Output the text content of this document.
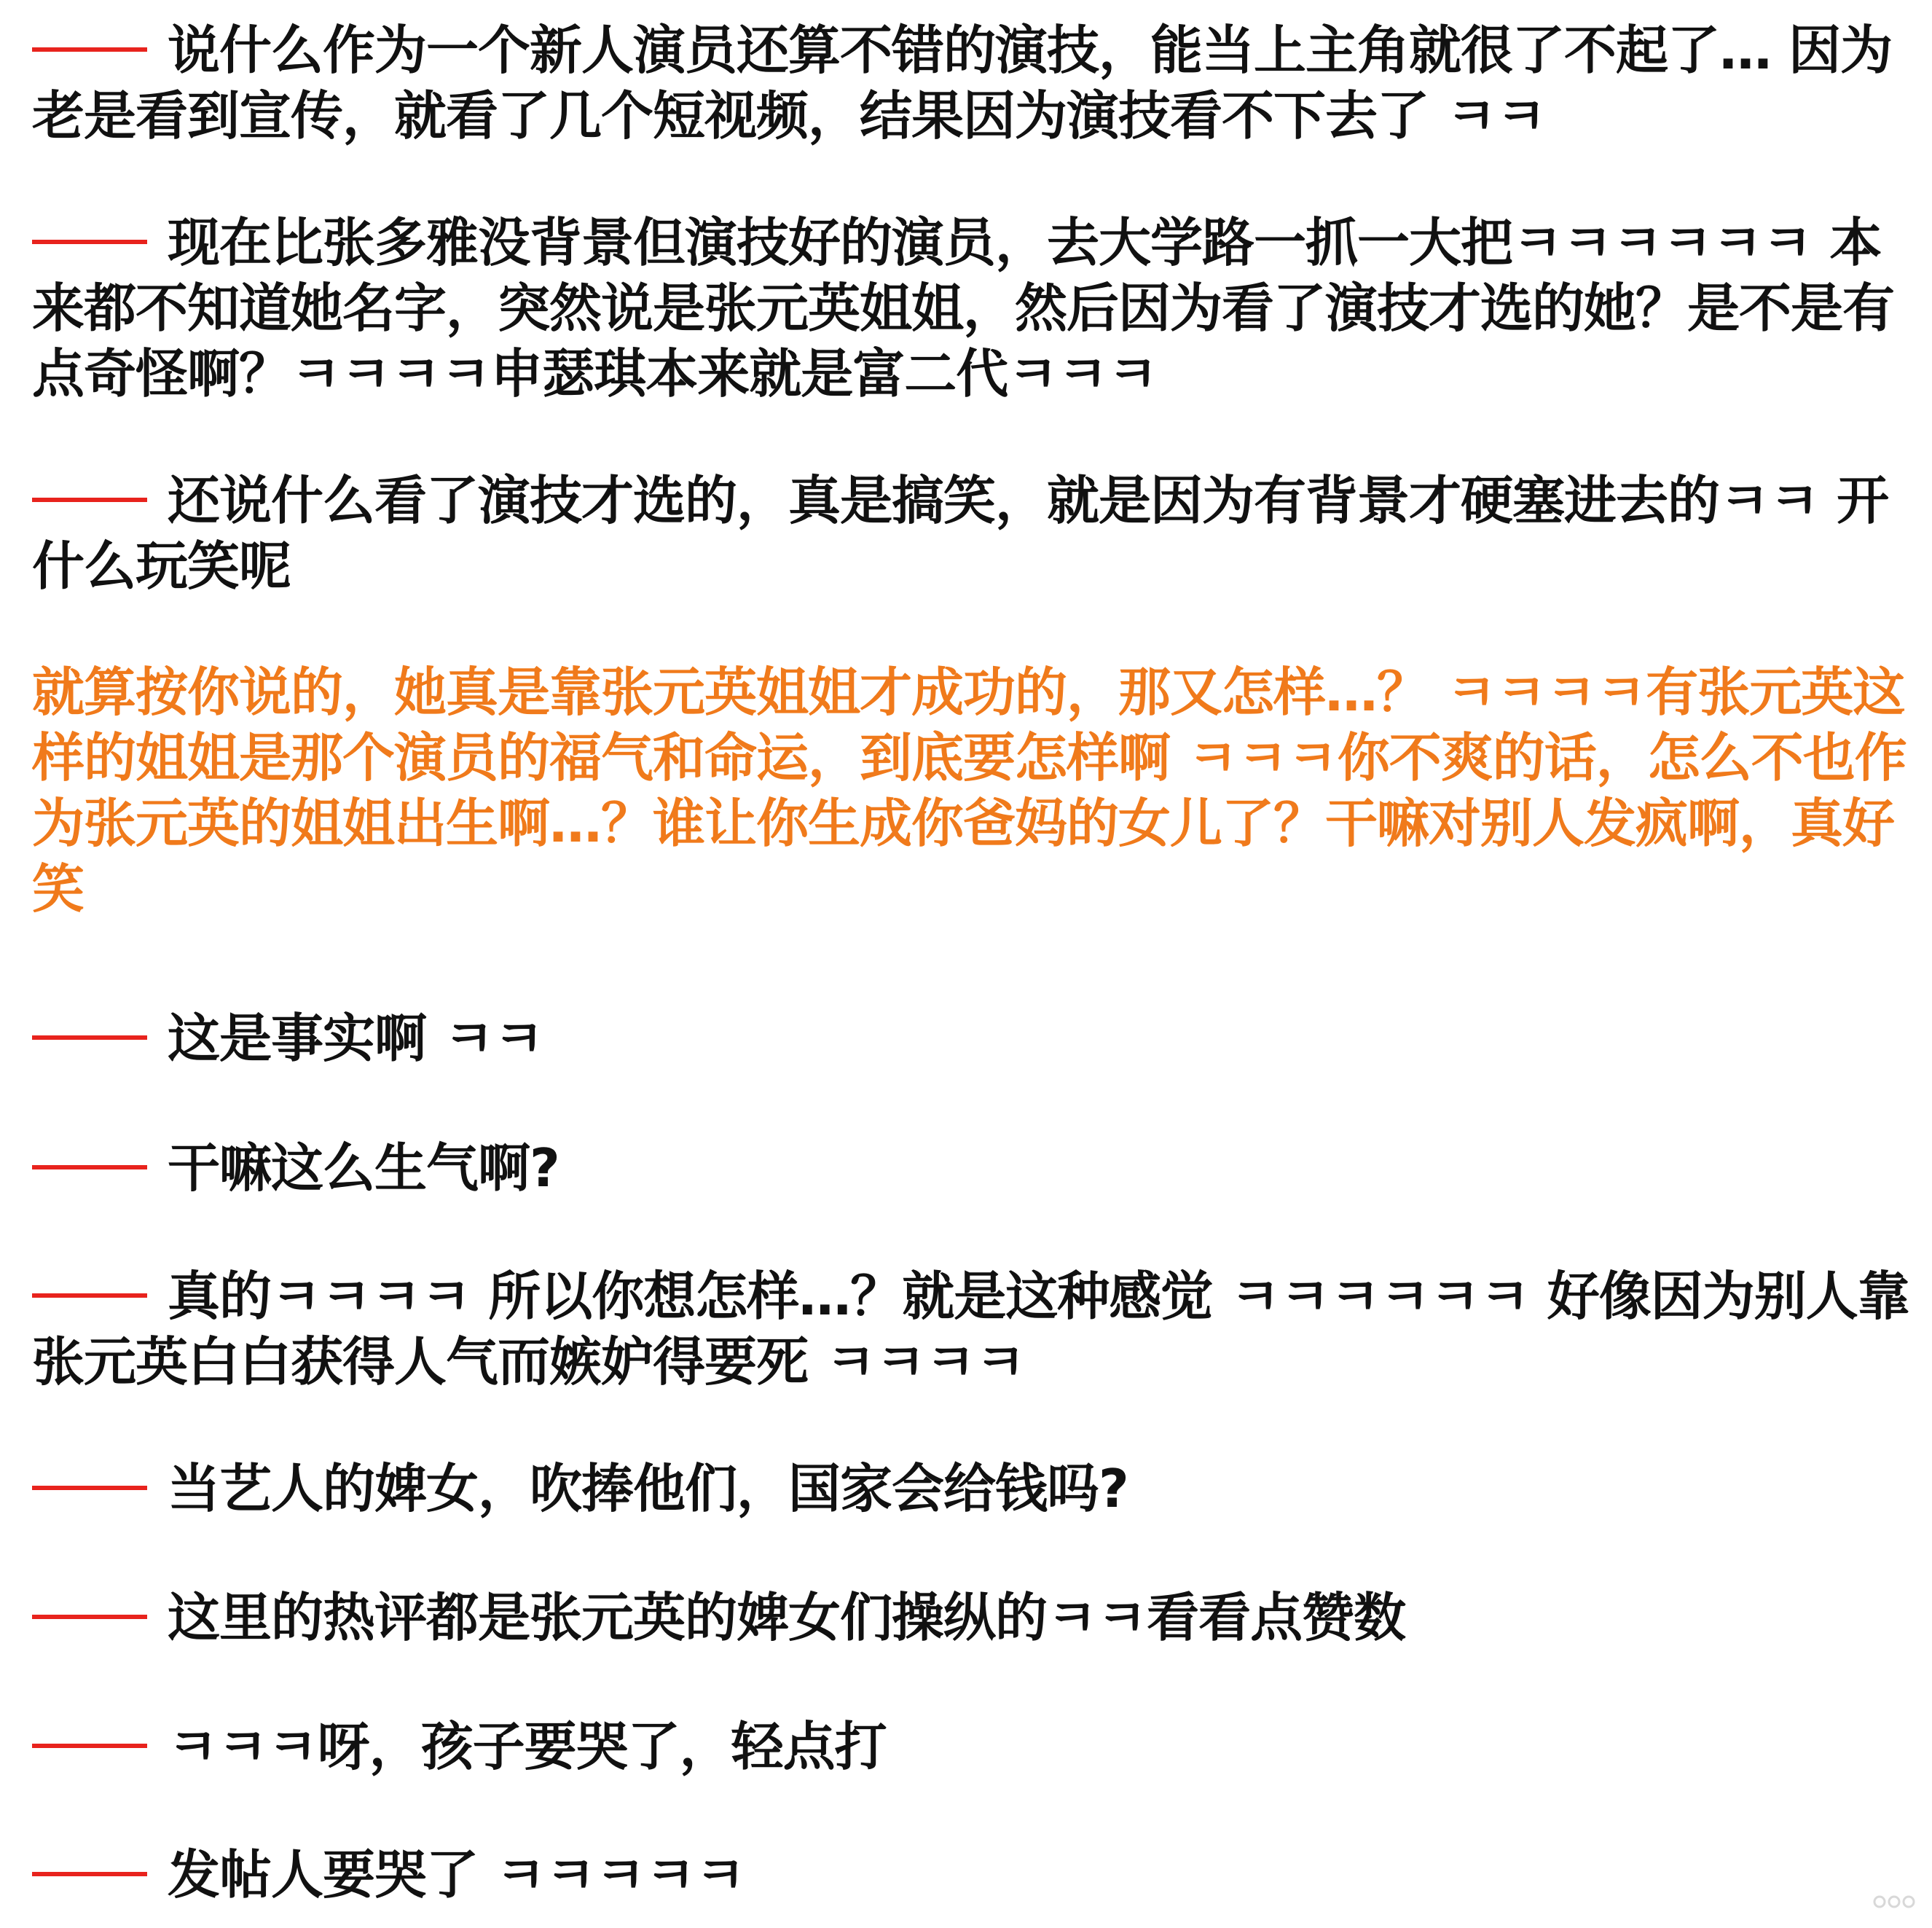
说什么作为一个新人演员还算不错的演技，能当上主角就很了不起了… 因为老是看到宣传，就看了几个短视频，结果因为演技看不下去了 ㅋㅋ
现在比张多雅没背景但演技好的演员，去大学路一抓一大把ㅋㅋㅋㅋㅋㅋ 本来都不知道她名字，突然说是张元英姐姐，然后因为看了演技才选的她？是不是有点奇怪啊？ㅋㅋㅋㅋ申瑟琪本来就是富二代ㅋㅋㅋ
还说什么看了演技才选的，真是搞笑，就是因为有背景才硬塞进去的ㅋㅋ 开什么玩笑呢
就算按你说的，她真是靠张元英姐姐才成功的，那又怎样…？ ㅋㅋㅋㅋ有张元英这样的姐姐是那个演员的福气和命运，到底要怎样啊 ㅋㅋㅋ你不爽的话，怎么不也作为张元英的姐姐出生啊…？谁让你生成你爸妈的女儿了？干嘛对别人发疯啊，真好笑
这是事实啊 ㅋㅋ
干嘛这么生气啊?
真的ㅋㅋㅋㅋ 所以你想怎样…？就是这种感觉 ㅋㅋㅋㅋㅋㅋ 好像因为别人靠张元英白白获得人气而嫉妒得要死 ㅋㅋㅋㅋ
当艺人的婢女，吹捧他们，国家会给钱吗?
这里的热评都是张元英的婢女们操纵的ㅋㅋ看看点赞数
ㅋㅋㅋ呀，孩子要哭了，轻点打
发帖人要哭了 ㅋㅋㅋㅋㅋ
